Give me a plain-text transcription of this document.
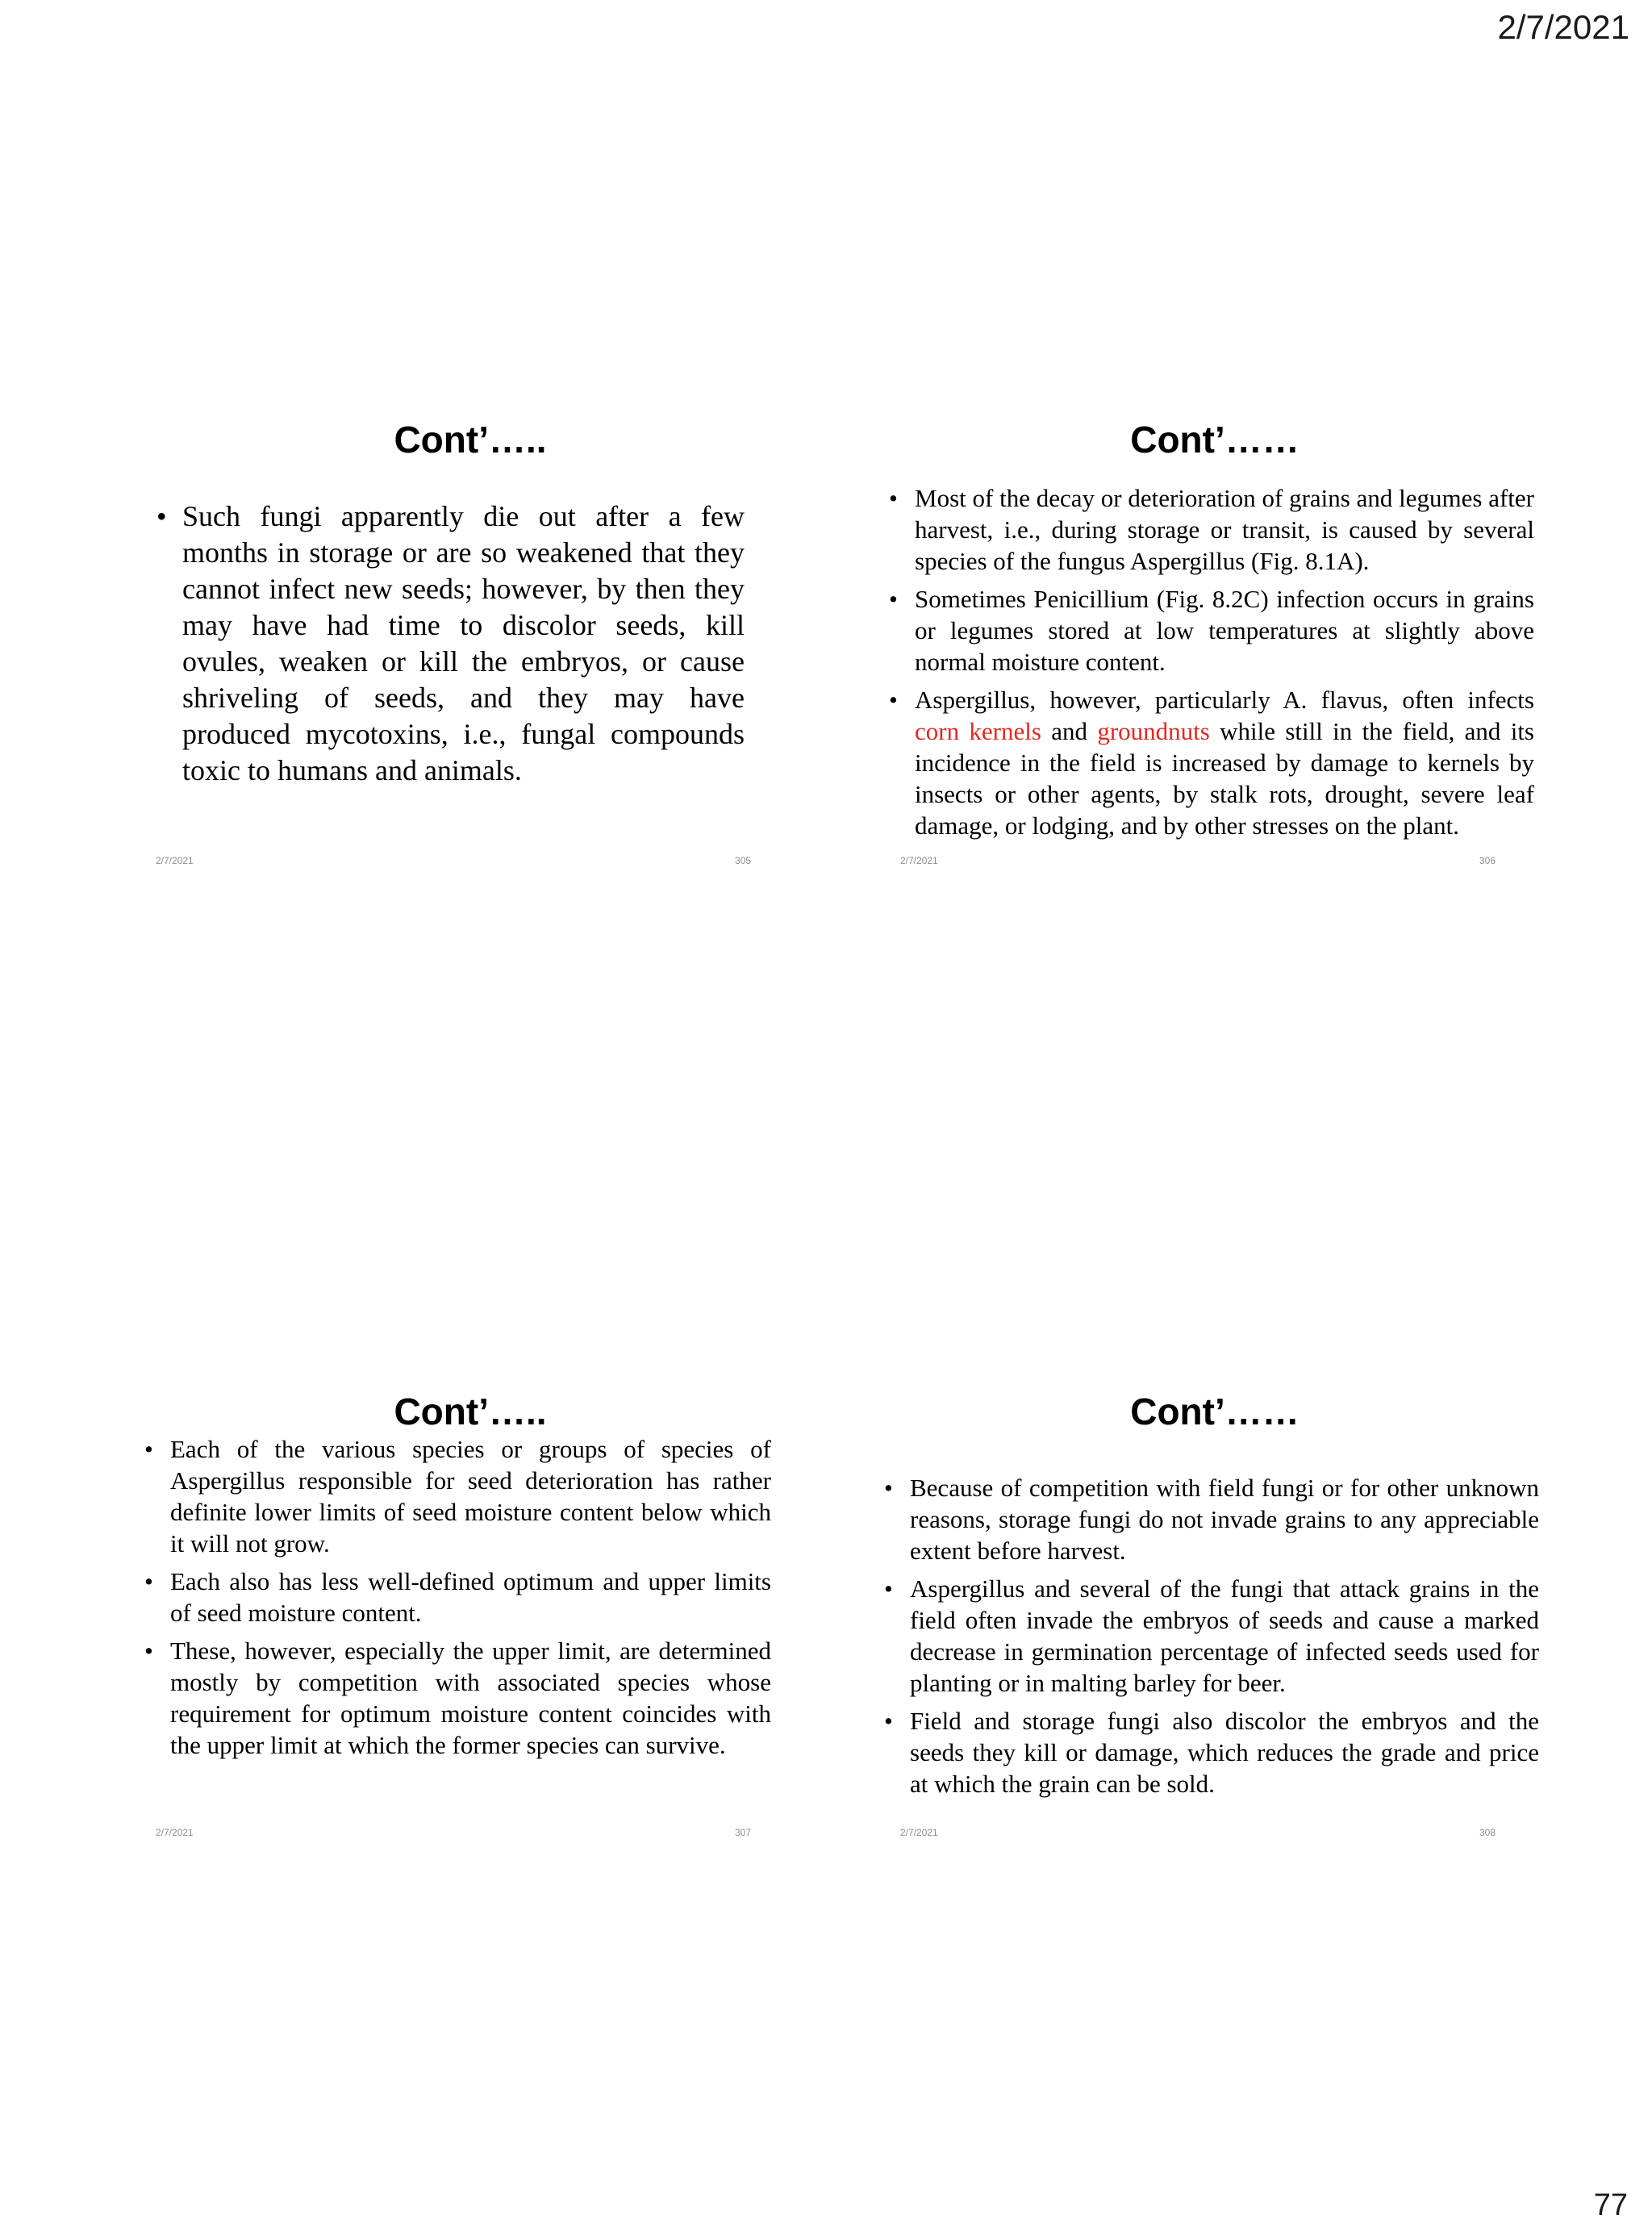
2/7/2021
Cont’…..
• Such fungi apparently die out after a few months in storage or are so weakened that they cannot infect new seeds; however, by then they may have had time to discolor seeds, kill ovules, weaken or kill the embryos, or cause shriveling of seeds, and they may have produced mycotoxins, i.e., fungal compounds toxic to humans and animals.
2/7/2021	305
Cont’……
• Most of the decay or deterioration of grains and legumes after harvest, i.e., during storage or transit, is caused by several species of the fungus Aspergillus (Fig. 8.1A).
• Sometimes Penicillium (Fig. 8.2C) infection occurs in grains or legumes stored at low temperatures at slightly above normal moisture content.
• Aspergillus, however, particularly A. flavus, often infects corn kernels and groundnuts while still in the field, and its incidence in the field is increased by damage to kernels by insects or other agents, by stalk rots, drought, severe leaf damage, or lodging, and by other stresses on the plant.
2/7/2021	306
Cont’…..
• Each of the various species or groups of species of Aspergillus responsible for seed deterioration has rather definite lower limits of seed moisture content below which it will not grow.
• Each also has less well-defined optimum and upper limits of seed moisture content.
• These, however, especially the upper limit, are determined mostly by competition with associated species whose requirement for optimum moisture content coincides with the upper limit at which the former species can survive.
2/7/2021	307
Cont’……
• Because of competition with field fungi or for other unknown reasons, storage fungi do not invade grains to any appreciable extent before harvest.
• Aspergillus and several of the fungi that attack grains in the field often invade the embryos of seeds and cause a marked decrease in germination percentage of infected seeds used for planting or in malting barley for beer.
• Field and storage fungi also discolor the embryos and the seeds they kill or damage, which reduces the grade and price at which the grain can be sold.
2/7/2021	308
77
